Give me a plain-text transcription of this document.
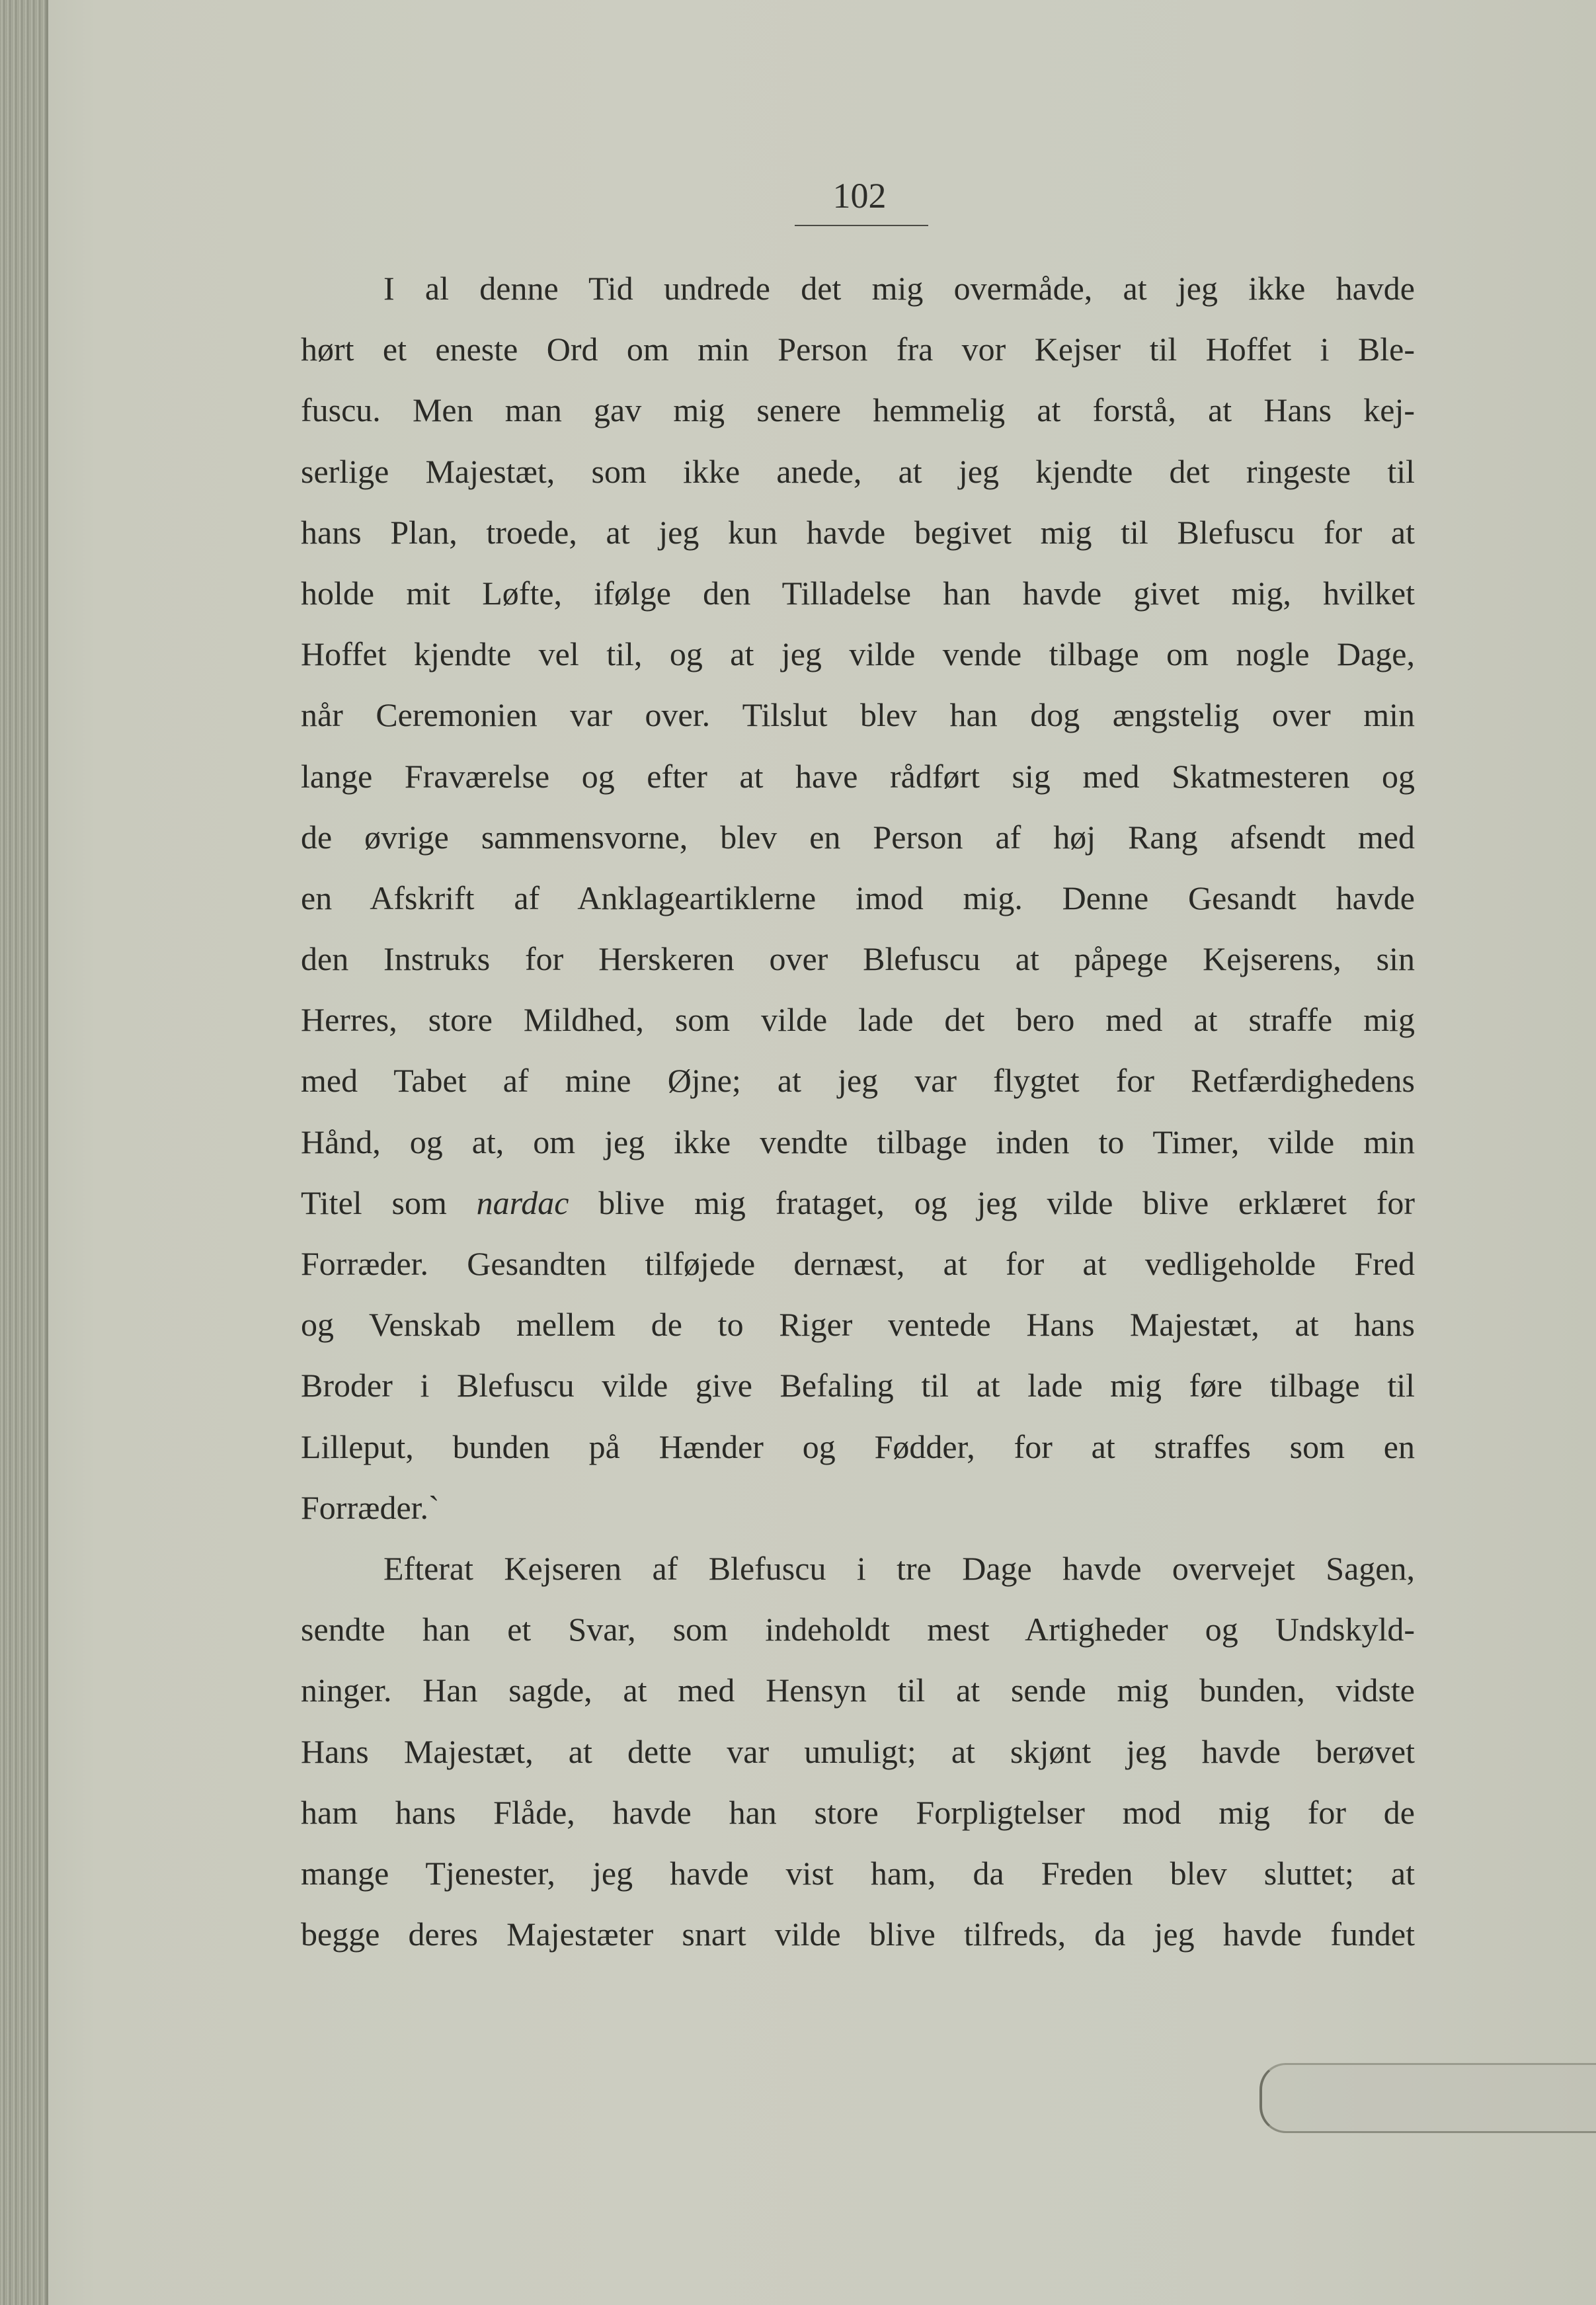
102
I al denne Tid undrede det mig overmåde, at jeg ikke havde
hørt et eneste Ord om min Person fra vor Kejser til Hoffet i Ble-
fuscu. Men man gav mig senere hemmelig at forstå, at Hans kej-
serlige Majestæt, som ikke anede, at jeg kjendte det ringeste til
hans Plan, troede, at jeg kun havde begivet mig til Blefuscu for at
holde mit Løfte, ifølge den Tilladelse han havde givet mig, hvilket
Hoffet kjendte vel til, og at jeg vilde vende tilbage om nogle Dage,
når Ceremonien var over. Tilslut blev han dog ængstelig over min
lange Fraværelse og efter at have rådført sig med Skatmesteren og
de øvrige sammensvorne, blev en Person af høj Rang afsendt med
en Afskrift af Anklageartiklerne imod mig. Denne Gesandt havde
den Instruks for Herskeren over Blefuscu at påpege Kejserens, sin
Herres, store Mildhed, som vilde lade det bero med at straffe mig
med Tabet af mine Øjne; at jeg var flygtet for Retfærdighedens
Hånd, og at, om jeg ikke vendte tilbage inden to Timer, vilde min
Titel som nardac blive mig frataget, og jeg vilde blive erklæret for
Forræder. Gesandten tilføjede dernæst, at for at vedligeholde Fred
og Venskab mellem de to Riger ventede Hans Majestæt, at hans
Broder i Blefuscu vilde give Befaling til at lade mig føre tilbage til
Lilleput, bunden på Hænder og Fødder, for at straffes som en
Forræder.`
Efterat Kejseren af Blefuscu i tre Dage havde overvejet Sagen,
sendte han et Svar, som indeholdt mest Artigheder og Undskyld-
ninger. Han sagde, at med Hensyn til at sende mig bunden, vidste
Hans Majestæt, at dette var umuligt; at skjønt jeg havde berøvet
ham hans Flåde, havde han store Forpligtelser mod mig for de
mange Tjenester, jeg havde vist ham, da Freden blev sluttet; at
begge deres Majestæter snart vilde blive tilfreds, da jeg havde fundet
